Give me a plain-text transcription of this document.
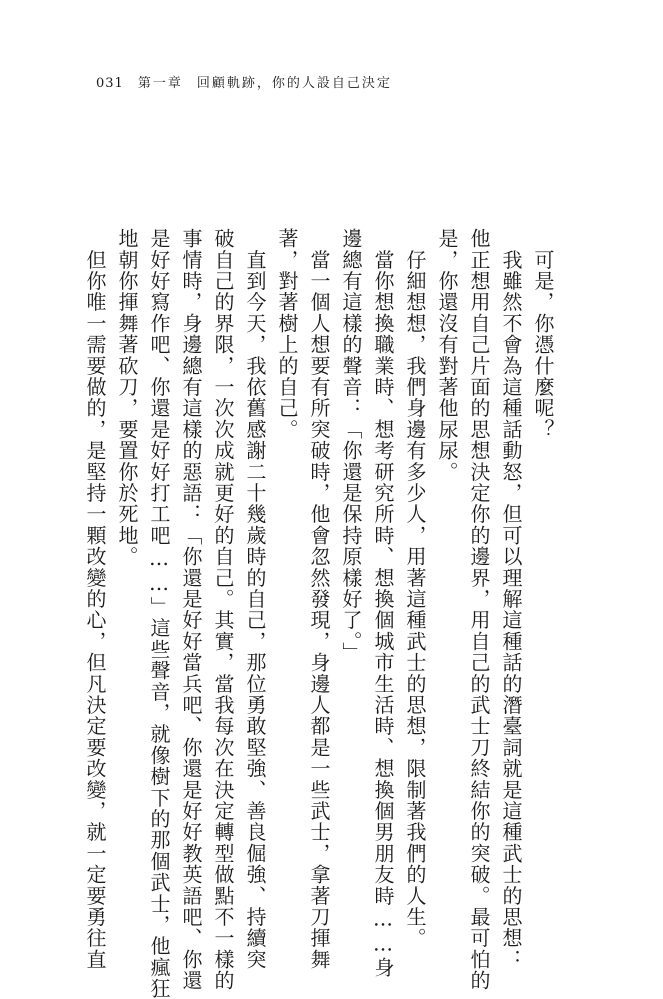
031 第一章 回顧軌跡，你的人設自己決定
　可是，你憑什麼呢？
　我雖然不會為這種話動怒，但可以理解這種話的潛臺詞就是這種武士的思想：
他正想用自己片面的思想決定你的邊界，用自己的武士刀終結你的突破。最可怕的
是，你還沒有對著他尿尿。
　仔細想想，我們身邊有多少人，用著這種武士的思想，限制著我們的人生。
　當你想換職業時、想考研究所時、想換個城市生活時、想換個男朋友時……身
邊總有這樣的聲音：「你還是保持原樣好了。」
　當一個人想要有所突破時，他會忽然發現，身邊人都是一些武士，拿著刀揮舞
著，對著樹上的自己。
　直到今天，我依舊感謝二十幾歲時的自己，那位勇敢堅強、善良倔強、持續突
破自己的界限，一次次成就更好的自己。其實，當我每次在決定轉型做點不一樣的
事情時，身邊總有這樣的惡語：「你還是好好當兵吧、你還是好好教英語吧、你還
是好好寫作吧、你還是好好打工吧……」這些聲音，就像樹下的那個武士，他瘋狂
地朝你揮舞著砍刀，要置你於死地。
　但你唯一需要做的，是堅持一顆改變的心，但凡決定要改變，就一定要勇往直
